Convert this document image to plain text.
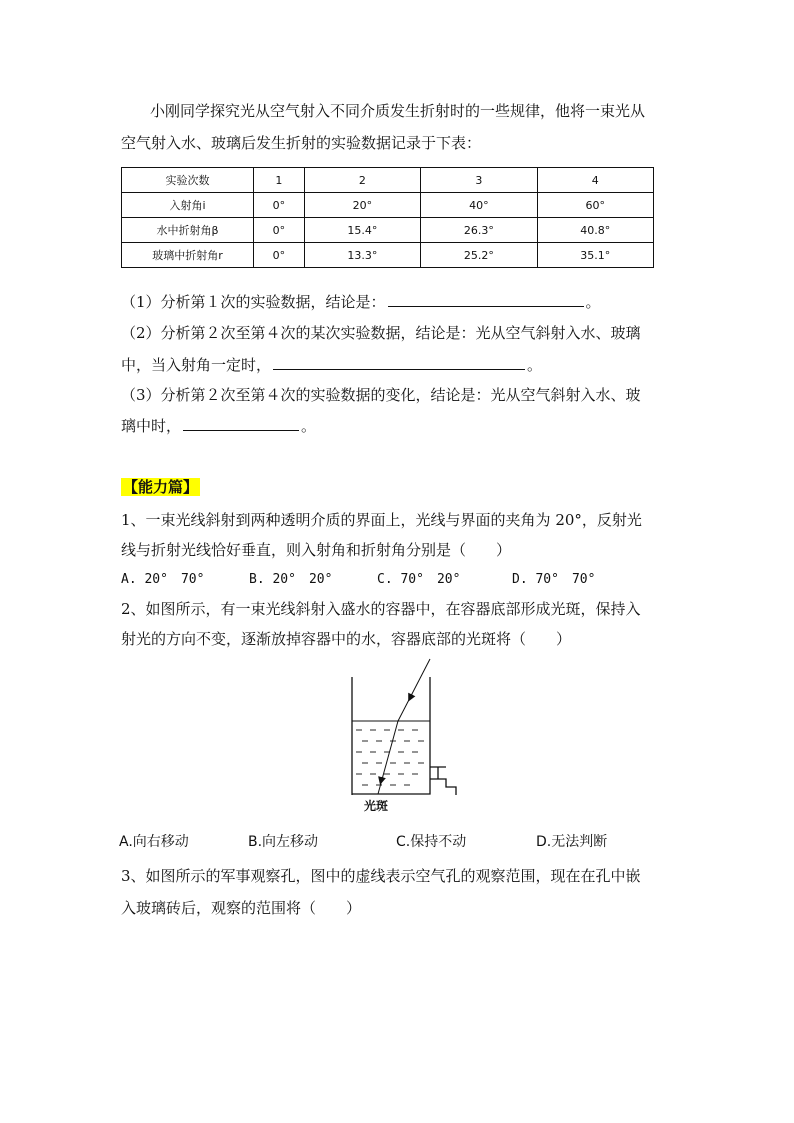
小刚同学探究光从空气射入不同介质发生折射时的一些规律，他将一束光从
空气射入水、玻璃后发生折射的实验数据记录于下表：
实验次数	1	2	3	4
入射角i	0°	20°	40°	60°
水中折射角β	0°	15.4°	26.3°	40.8°
玻璃中折射角r	0°	13.3°	25.2°	35.1°
（1）分析第１次的实验数据，结论是：	。
（2）分析第２次至第４次的某次实验数据，结论是：光从空气斜射入水、玻璃
中，当入射角一定时，	。
（3）分析第２次至第４次的实验数据的变化，结论是：光从空气斜射入水、玻
璃中时，	。
【能力篇】
1、一束光线斜射到两种透明介质的界面上，光线与界面的夹角为 20°，反射光
线与折射光线恰好垂直，则入射角和折射角分别是（　　）
A. 20°　70°	B. 20°　20°	C. 70°　20°	D. 70°　70°
2、如图所示，有一束光线斜射入盛水的容器中，在容器底部形成光斑，保持入
射光的方向不变，逐渐放掉容器中的水，容器底部的光斑将（　　）
光斑
A.向右移动	B.向左移动	C.保持不动	D.无法判断
3、如图所示的军事观察孔，图中的虚线表示空气孔的观察范围，现在在孔中嵌
入玻璃砖后，观察的范围将（　　）
